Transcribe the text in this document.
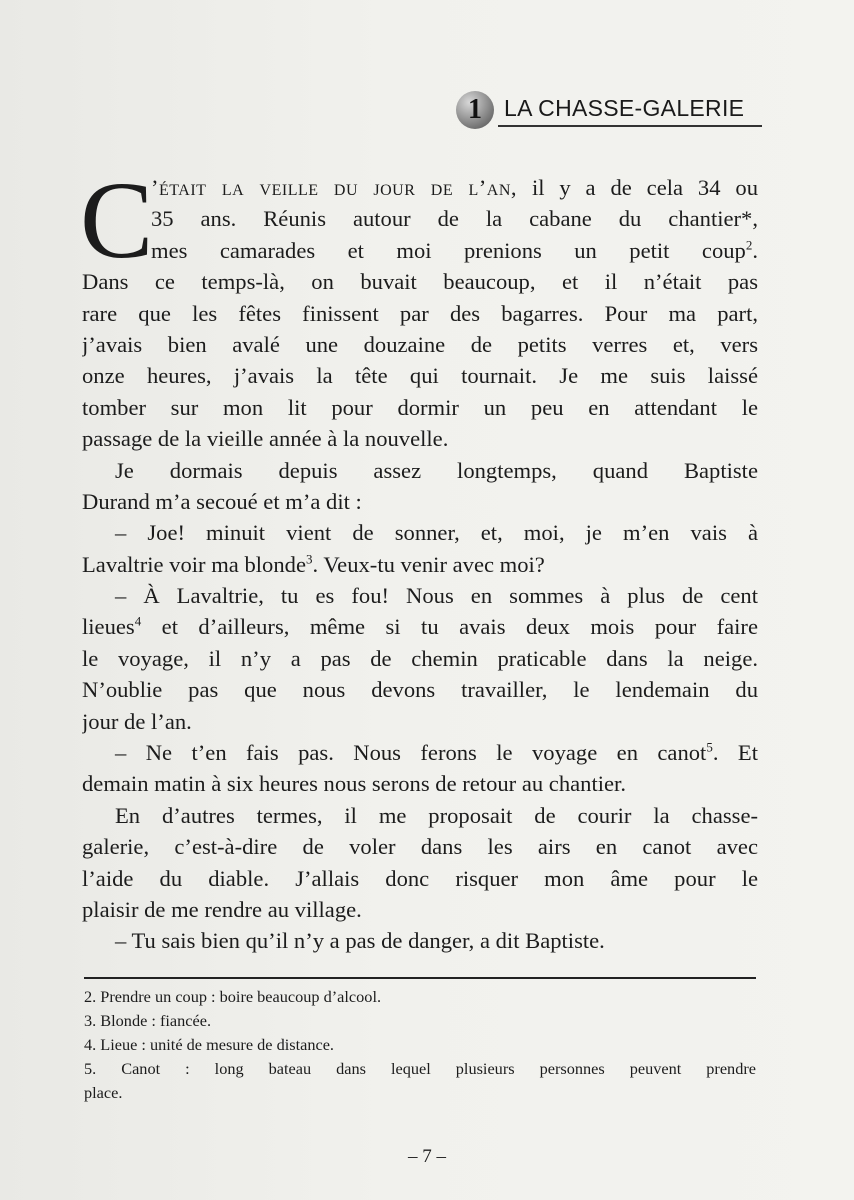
1 LA CHASSE-GALERIE
C
’était la veille du jour de l’an, il y a de cela 34 ou
35 ans. Réunis autour de la cabane du chantier*,
mes camarades et moi prenions un petit coup$^2$.
Dans ce temps-là, on buvait beaucoup, et il n’était pas
rare que les fêtes finissent par des bagarres. Pour ma part,
j’avais bien avalé une douzaine de petits verres et, vers
onze heures, j’avais la tête qui tournait. Je me suis laissé
tomber sur mon lit pour dormir un peu en attendant le
passage de la vieille année à la nouvelle.
Je dormais depuis assez longtemps, quand Baptiste
Durand m’a secoué et m’a dit :
– Joe! minuit vient de sonner, et, moi, je m’en vais à
Lavaltrie voir ma blonde$^3$. Veux-tu venir avec moi?
– À Lavaltrie, tu es fou! Nous en sommes à plus de cent
lieues$^4$ et d’ailleurs, même si tu avais deux mois pour faire
le voyage, il n’y a pas de chemin praticable dans la neige.
N’oublie pas que nous devons travailler, le lendemain du
jour de l’an.
– Ne t’en fais pas. Nous ferons le voyage en canot$^5$. Et
demain matin à six heures nous serons de retour au chantier.
En d’autres termes, il me proposait de courir la chasse-
galerie, c’est-à-dire de voler dans les airs en canot avec
l’aide du diable. J’allais donc risquer mon âme pour le
plaisir de me rendre au village.
– Tu sais bien qu’il n’y a pas de danger, a dit Baptiste.
2. Prendre un coup : boire beaucoup d’alcool.
3. Blonde : fiancée.
4. Lieue : unité de mesure de distance.
5. Canot : long bateau dans lequel plusieurs personnes peuvent prendre
place.
– 7 –
